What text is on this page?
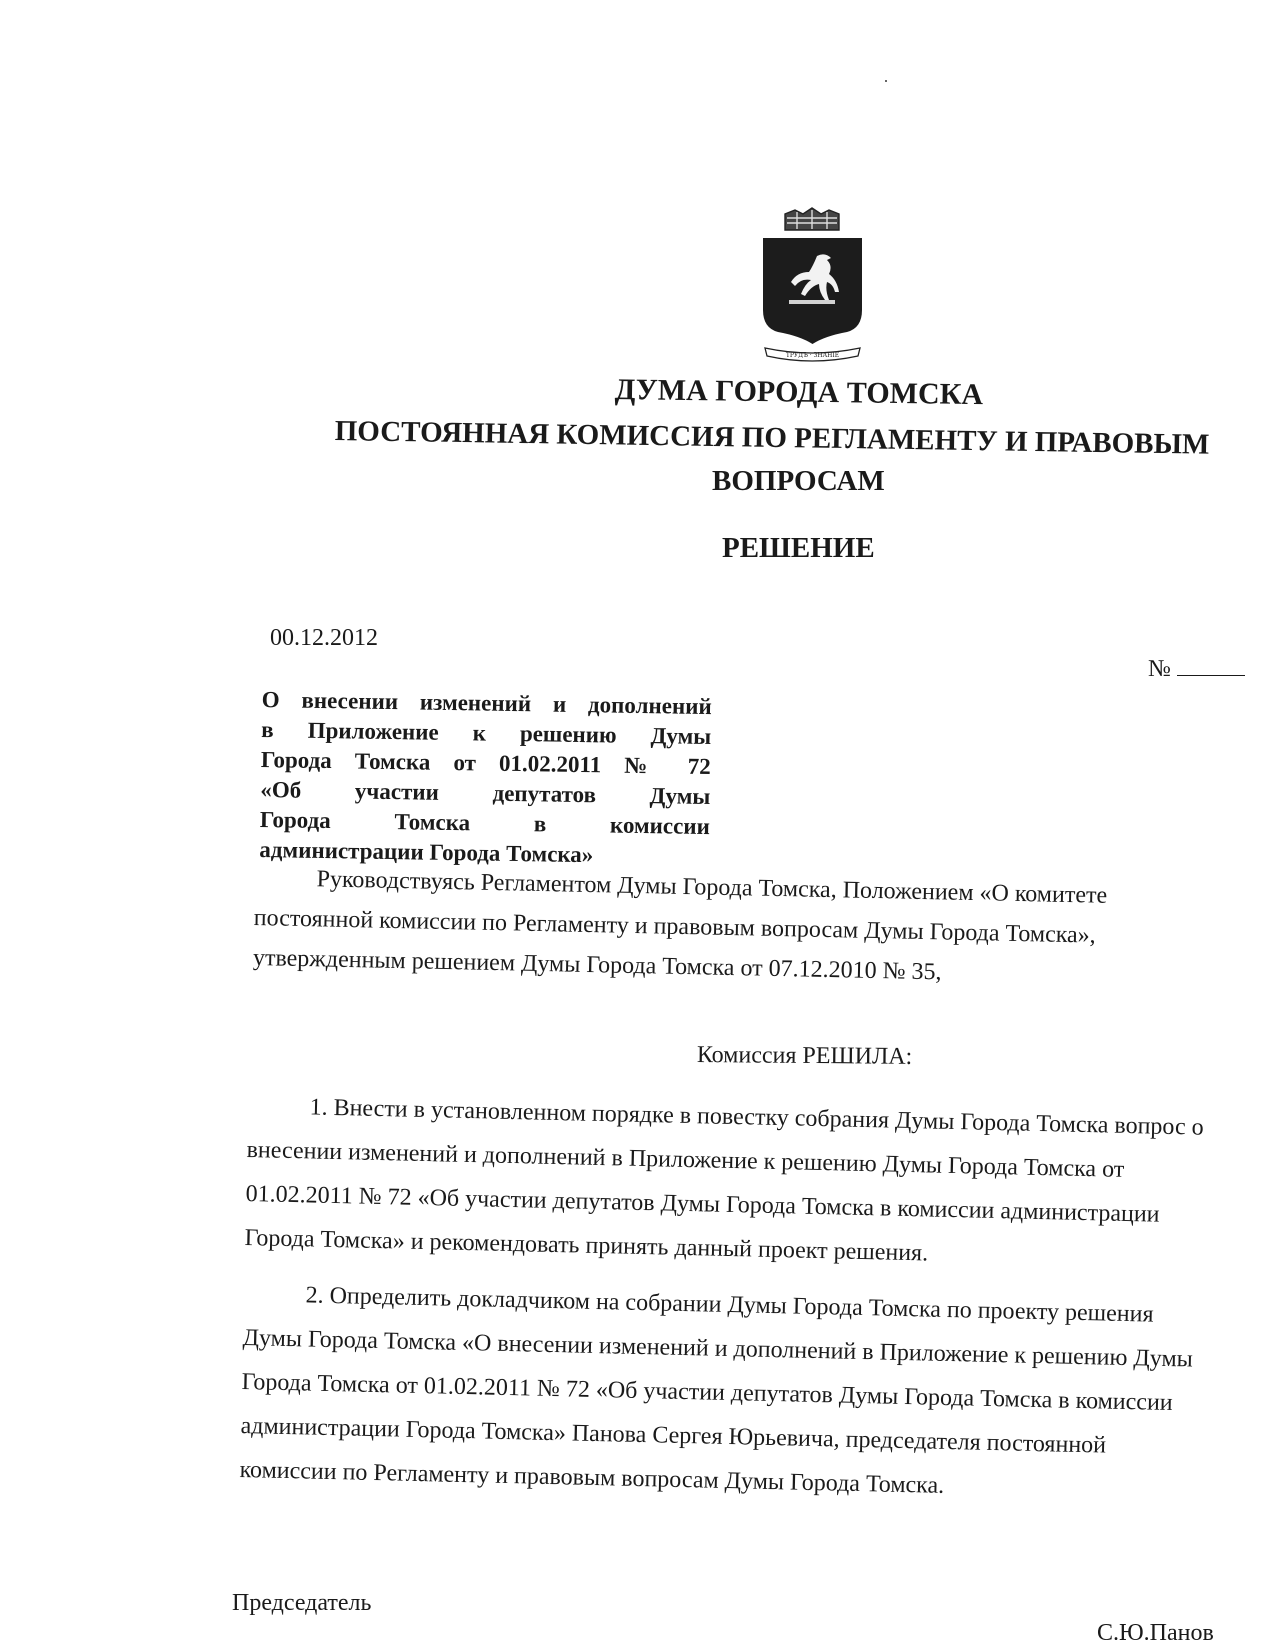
ТРУДЪ · ЗНАНIЕ
ДУМА ГОРОДА ТОМСКА
ПОСТОЯННАЯ КОМИССИЯ ПО РЕГЛАМЕНТУ И ПРАВОВЫМ
ВОПРОСАМ
РЕШЕНИЕ
00.12.2012
№
О внесении изменений и дополнений
в Приложение к решению Думы
Города Томска от 01.02.2011 № 72
«Об участии депутатов Думы
Города Томска в комиссии
администрации Города Томска»
Руководствуясь Регламентом Думы Города Томска, Положением «О комитете
постоянной комиссии по Регламенту и правовым вопросам Думы Города Томска»,
утвержденным решением Думы Города Томска от 07.12.2010 № 35,
Комиссия РЕШИЛА:
1. Внести в установленном порядке в повестку собрания Думы Города Томска вопрос о
внесении изменений и дополнений в Приложение к решению Думы Города Томска от
01.02.2011 № 72 «Об участии депутатов Думы Города Томска в комиссии администрации
Города Томска» и рекомендовать принять данный проект решения.
2. Определить докладчиком на собрании Думы Города Томска по проекту решения
Думы Города Томска «О внесении изменений и дополнений в Приложение к решению Думы
Города Томска от 01.02.2011 № 72 «Об участии депутатов Думы Города Томска в комиссии
администрации Города Томска» Панова Сергея Юрьевича, председателя постоянной
комиссии по Регламенту и правовым вопросам Думы Города Томска.
Председатель
С.Ю.Панов
